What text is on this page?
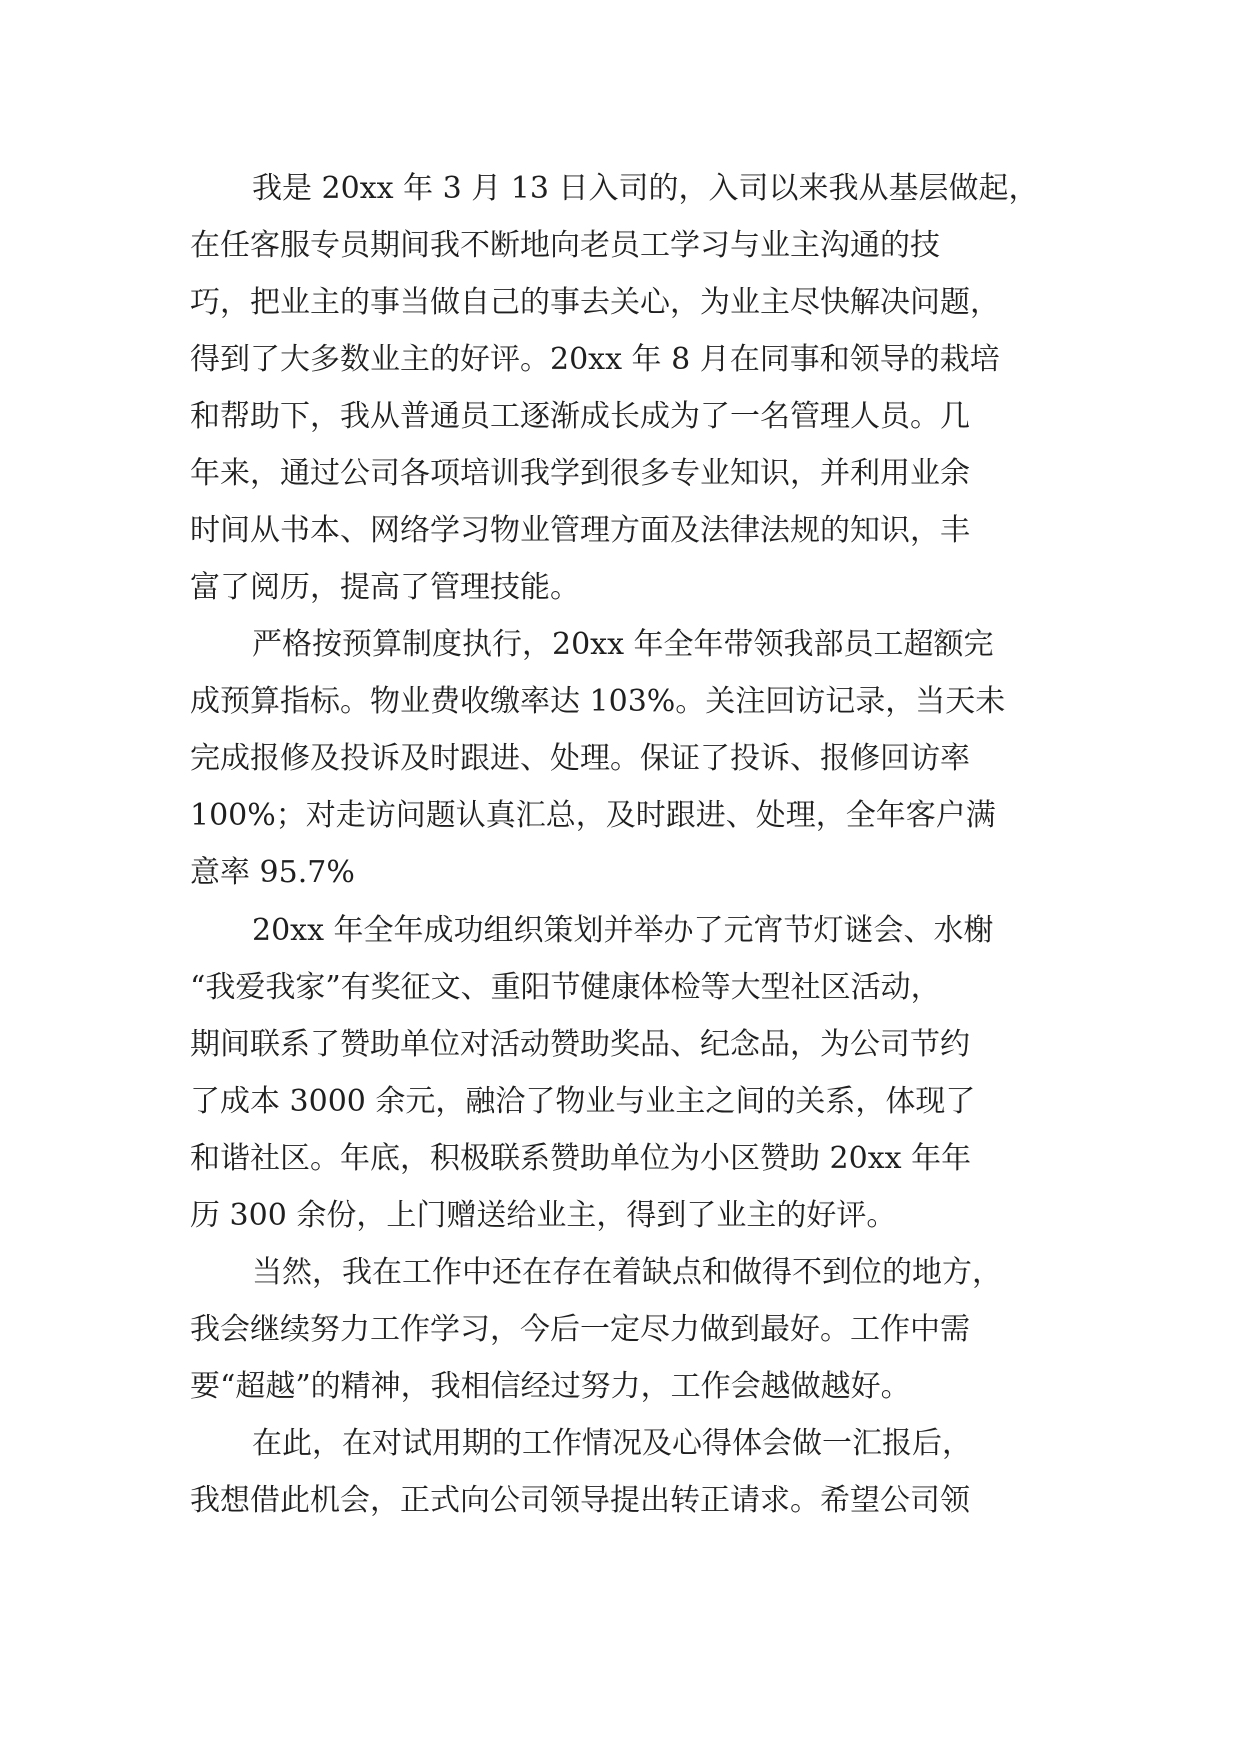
我是 20xx 年 3 月 13 日入司的，入司以来我从基层做起，
在任客服专员期间我不断地向老员工学习与业主沟通的技
巧，把业主的事当做自己的事去关心，为业主尽快解决问题，
得到了大多数业主的好评。20xx 年 8 月在同事和领导的栽培
和帮助下，我从普通员工逐渐成长成为了一名管理人员。几
年来，通过公司各项培训我学到很多专业知识，并利用业余
时间从书本、网络学习物业管理方面及法律法规的知识，丰
富了阅历，提高了管理技能。
严格按预算制度执行，20xx 年全年带领我部员工超额完
成预算指标。物业费收缴率达 103%。关注回访记录，当天未
完成报修及投诉及时跟进、处理。保证了投诉、报修回访率
100%；对走访问题认真汇总，及时跟进、处理，全年客户满
意率 95.7%
20xx 年全年成功组织策划并举办了元宵节灯谜会、水榭
“我爱我家”有奖征文、重阳节健康体检等大型社区活动，
期间联系了赞助单位对活动赞助奖品、纪念品，为公司节约
了成本 3000 余元，融洽了物业与业主之间的关系，体现了
和谐社区。年底，积极联系赞助单位为小区赞助 20xx 年年
历 300 余份，上门赠送给业主，得到了业主的好评。
当然，我在工作中还在存在着缺点和做得不到位的地方，
我会继续努力工作学习，今后一定尽力做到最好。工作中需
要“超越”的精神，我相信经过努力，工作会越做越好。
在此，在对试用期的工作情况及心得体会做一汇报后，
我想借此机会，正式向公司领导提出转正请求。希望公司领
